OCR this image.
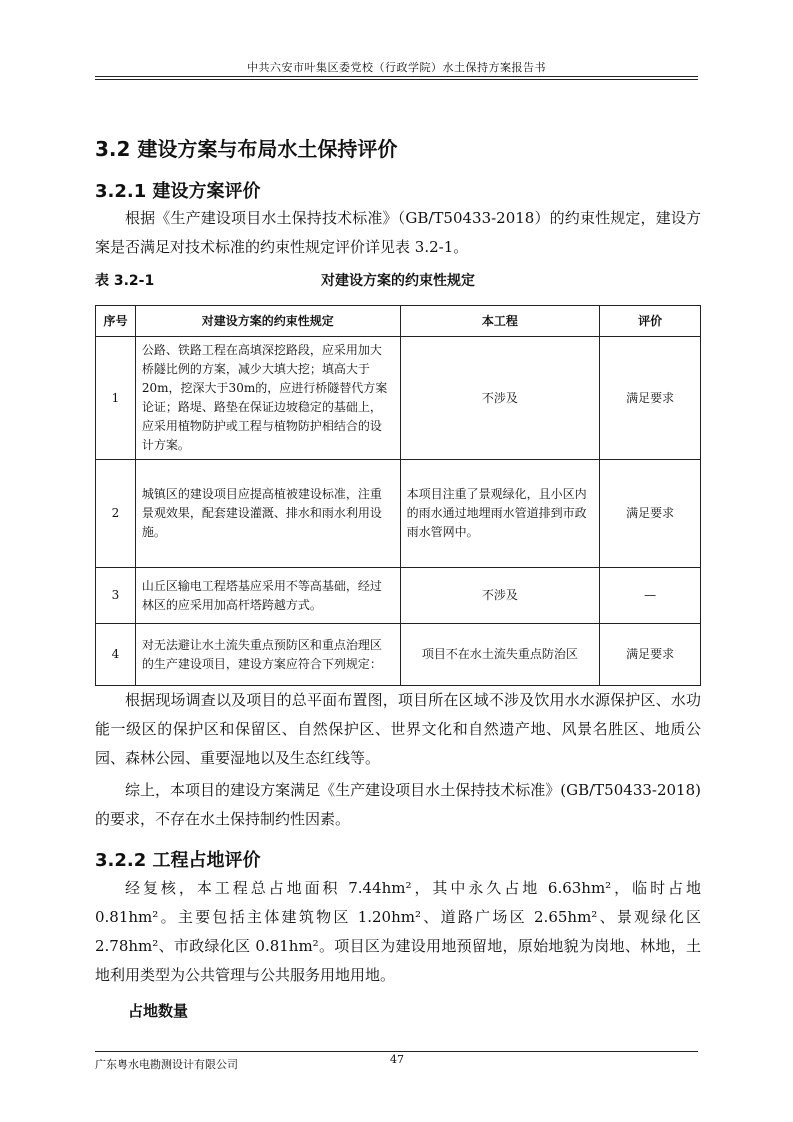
中共六安市叶集区委党校（行政学院）水土保持方案报告书
3.2 建设方案与布局水土保持评价
3.2.1 建设方案评价
根据《生产建设项目水土保持技术标准》（GB/T50433-2018）的约束性规定，建设方案是否满足对技术标准的约束性规定评价详见表 3.2-1。
表 3.2-1	对建设方案的约束性规定
序号	对建设方案的约束性规定	本工程	评价
1	公路、铁路工程在高填深挖路段，应采用加大桥隧比例的方案，减少大填大挖；填高大于20m，挖深大于30m的，应进行桥隧替代方案论证；路堤、路垫在保证边坡稳定的基础上，应采用植物防护或工程与植物防护相结合的设计方案。	不涉及	满足要求
2	城镇区的建设项目应提高植被建设标准，注重景观效果，配套建设灌溉、排水和雨水利用设施。	本项目注重了景观绿化，且小区内的雨水通过地埋雨水管道排到市政雨水管网中。	满足要求
3	山丘区输电工程塔基应采用不等高基础，经过林区的应采用加高杆塔跨越方式。	不涉及	—
4	对无法避让水土流失重点预防区和重点治理区的生产建设项目，建设方案应符合下列规定：	项目不在水土流失重点防治区	满足要求
根据现场调查以及项目的总平面布置图，项目所在区域不涉及饮用水水源保护区、水功能一级区的保护区和保留区、自然保护区、世界文化和自然遗产地、风景名胜区、地质公园、森林公园、重要湿地以及生态红线等。
综上，本项目的建设方案满足《生产建设项目水土保持技术标准》(GB/T50433-2018)的要求，不存在水土保持制约性因素。
3.2.2 工程占地评价
经复核，本工程总占地面积 7.44hm²，其中永久占地 6.63hm²，临时占地 0.81hm²。主要包括主体建筑物区 1.20hm²、道路广场区 2.65hm²、景观绿化区 2.78hm²、市政绿化区 0.81hm²。项目区为建设用地预留地，原始地貌为岗地、林地，土地利用类型为公共管理与公共服务用地用地。
占地数量
广东粤水电勘测设计有限公司	47
